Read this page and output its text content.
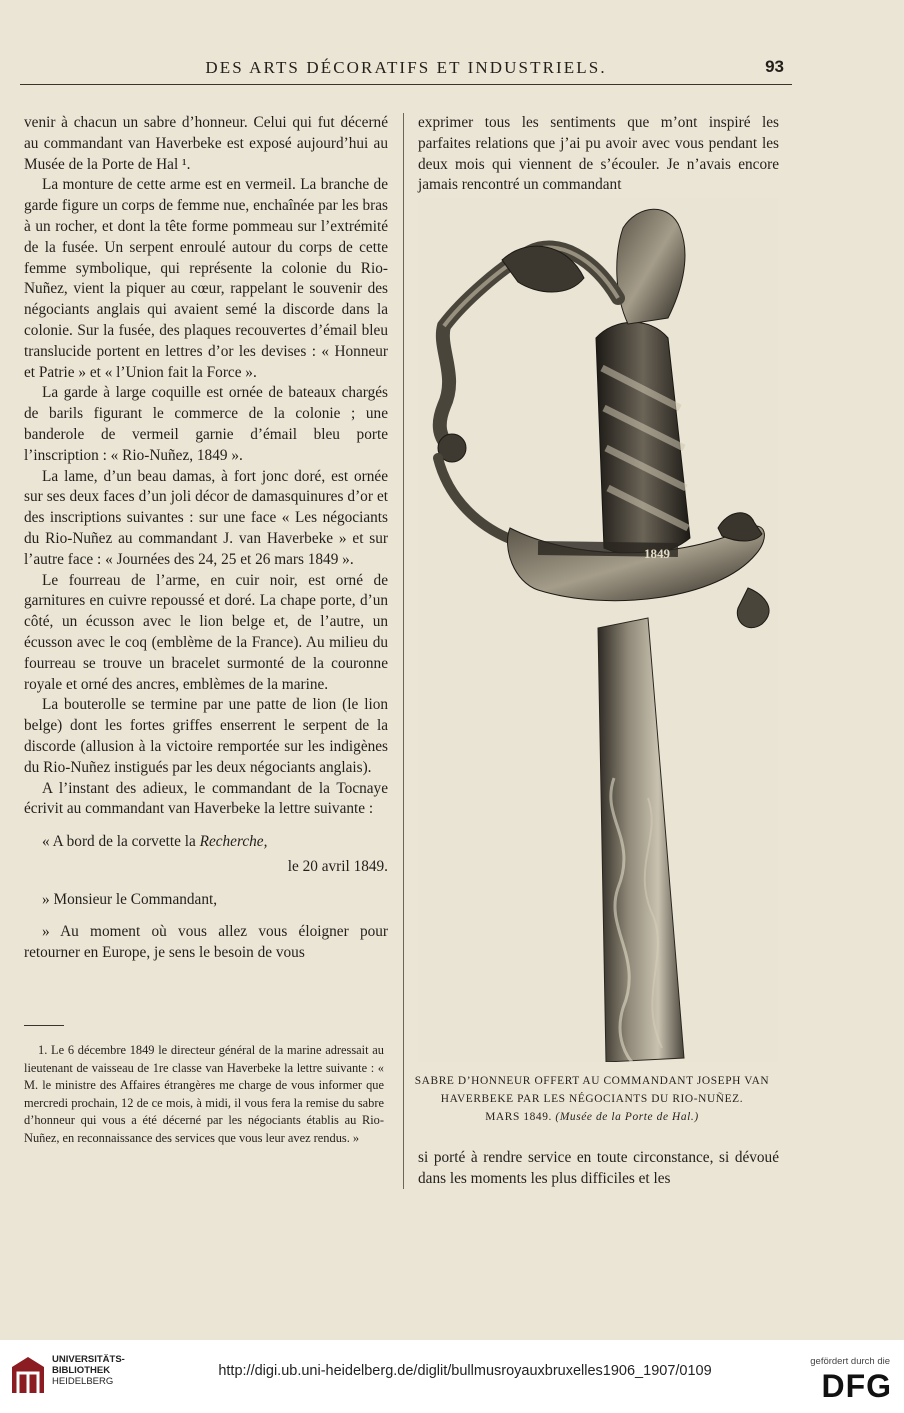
DES ARTS DÉCORATIFS ET INDUSTRIELS.	93

venir à chacun un sabre d’honneur. Celui qui fut décerné au commandant van Haverbeke est exposé aujourd’hui au Musée de la Porte de Hal ¹.

La monture de cette arme est en vermeil. La branche de garde figure un corps de femme nue, enchaînée par les bras à un rocher, et dont la tête forme pommeau sur l’extrémité de la fusée. Un serpent enroulé autour du corps de cette femme symbolique, qui représente la colonie du Rio-Nuñez, vient la piquer au cœur, rappelant le souvenir des négociants anglais qui avaient semé la discorde dans la colonie. Sur la fusée, des plaques recouvertes d’émail bleu translucide portent en lettres d’or les devises : « Honneur et Patrie » et « l’Union fait la Force ».

La garde à large coquille est ornée de bateaux chargés de barils figurant le commerce de la colonie ; une banderole de vermeil garnie d’émail bleu porte l’inscription : « Rio-Nuñez, 1849 ».

La lame, d’un beau damas, à fort jonc doré, est ornée sur ses deux faces d’un joli décor de damasquinures d’or et des inscriptions suivantes : sur une face « Les négociants du Rio-Nuñez au commandant J. van Haverbeke » et sur l’autre face : « Journées des 24, 25 et 26 mars 1849 ».

Le fourreau de l’arme, en cuir noir, est orné de garnitures en cuivre repoussé et doré. La chape porte, d’un côté, un écusson avec le lion belge et, de l’autre, un écusson avec le coq (emblème de la France). Au milieu du fourreau se trouve un bracelet surmonté de la couronne royale et orné des ancres, emblèmes de la marine.

La bouterolle se termine par une patte de lion (le lion belge) dont les fortes griffes enserrent le serpent de la discorde (allusion à la victoire remportée sur les indigènes du Rio-Nuñez instigués par les deux négociants anglais).

A l’instant des adieux, le commandant de la Tocnaye écrivit au commandant van Haverbeke la lettre suivante :

« A bord de la corvette la Recherche,

le 20 avril 1849.

» Monsieur le Commandant,

» Au moment où vous allez vous éloigner pour retourner en Europe, je sens le besoin de vous

1. Le 6 décembre 1849 le directeur général de la marine adressait au lieutenant de vaisseau de 1re classe van Haverbeke la lettre suivante : « M. le ministre des Affaires étrangères me charge de vous informer que mercredi prochain, 12 de ce mois, à midi, il vous fera la remise du sabre d’honneur qui vous a été décerné par les négociants établis au Rio-Nuñez, en reconnaissance des services que vous leur avez rendus. »

exprimer tous les sentiments que m’ont inspiré les parfaites relations que j’ai pu avoir avec vous pendant les deux mois qui viennent de s’écouler. Je n’avais encore jamais rencontré un commandant

1849
SABRE D’HONNEUR OFFERT AU COMMANDANT JOSEPH VAN
HAVERBEKE PAR LES NÉGOCIANTS DU RIO-NUÑEZ.
MARS 1849. (Musée de la Porte de Hal.)

si porté à rendre service en toute circonstance, si dévoué dans les moments les plus difficiles et les

UNIVERSITÄTS-
BIBLIOTHEK
HEIDELBERG
http://digi.ub.uni-heidelberg.de/diglit/bullmusroyauxbruxelles1906_1907/0109
gefördert durch die
DFG
